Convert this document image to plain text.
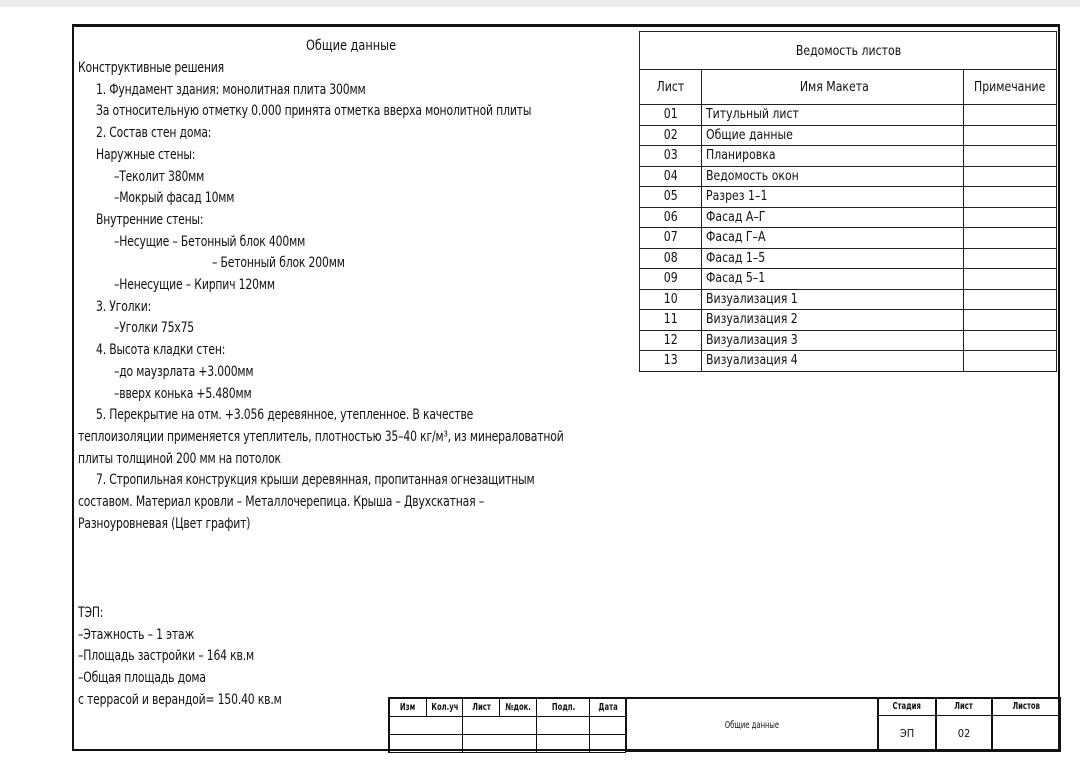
Общие данные
Конструктивные решения
1. Фундамент здания: монолитная плита 300мм
За относительную отметку 0.000 принята отметка вверха монолитной плиты
2. Состав стен дома:
Наружные стены:
–Теколит 380мм
–Мокрый фасад 10мм
Внутренние стены:
–Несущие – Бетонный блок 400мм
– Бетонный блок 200мм
–Ненесущие – Кирпич 120мм
3. Уголки:
–Уголки 75x75
4. Высота кладки стен:
–до маузрлата +3.000мм
–вверх конька +5.480мм
5. Перекрытие на отм. +3.056 деревянное, утепленное. В качестве
теплоизоляции применяется утеплитель, плотностью 35–40 кг/м³, из минераловатной
плиты толщиной 200 мм на потолок
7. Стропильная конструкция крыши деревянная, пропитанная огнезащитным
составом. Материал кровли – Металлочерепица. Крыша – Двухскатная –
Разноуровневая (Цвет графит)
ТЭП:
–Этажность – 1 этаж
–Площадь застройки – 164 кв.м
–Общая площадь дома
с террасой и верандой= 150.40 кв.м
Ведомость листов		
Лист	Имя Макета	Примечание
01	Титульный лист	
02	Общие данные	
03	Планировка	
04	Ведомость окон	
05	Разрез 1–1	
06	Фасад А–Г	
07	Фасад Г–А	
08	Фасад 1–5	
09	Фасад 5–1	
10	Визуализация 1	
11	Визуализация 2	
12	Визуализация 3	
13	Визуализация 4	
Изм	Кол.уч	Лист	№док.	Подп.	Дата

Общие данные	Стадия	Лист	Листов
	ЭП	02	
